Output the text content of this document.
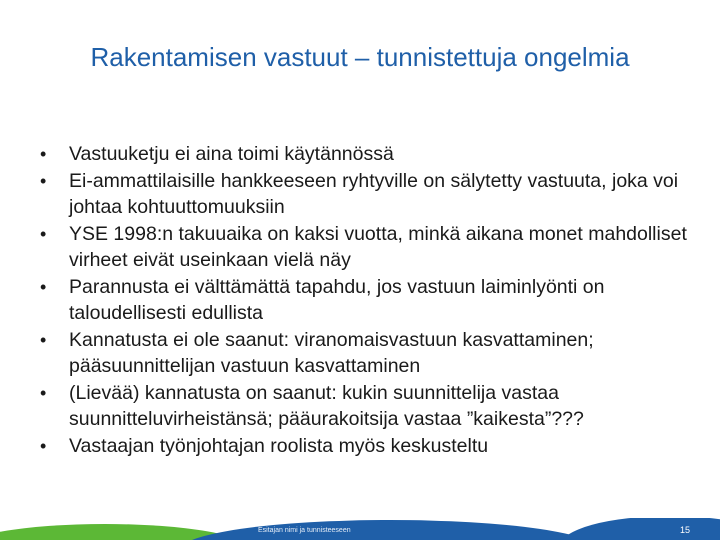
Rakentamisen vastuut – tunnistettuja ongelmia
•	Vastuuketju ei aina toimi käytännössä
•	Ei-ammattilaisille hankkeeseen ryhtyville on sälytetty vastuuta, joka voi johtaa kohtuuttomuuksiin
•	YSE 1998:n takuuaika on kaksi vuotta, minkä aikana monet mahdolliset virheet eivät useinkaan vielä näy
•	Parannusta ei välttämättä tapahdu, jos vastuun laiminlyönti on taloudellisesti edullista
•	Kannatusta ei ole saanut: viranomaisvastuun kasvattaminen; pääsuunnittelijan vastuun kasvattaminen
•	(Lievää) kannatusta on saanut: kukin suunnittelija vastaa suunnitteluvirheistänsä; pääurakoitsija vastaa ”kaikesta”???
•	Vastaajan työnjohtajan roolista myös keskusteltu
Esitajan nimi ja tunnisteeseen	15
